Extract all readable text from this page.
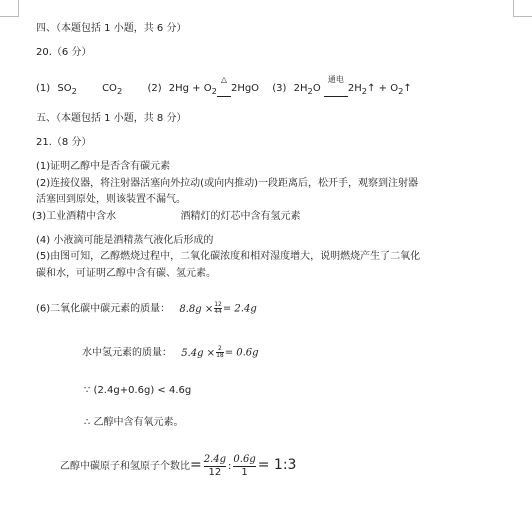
四、（本题包括 1 小题，共 6 分）
20.（6 分）
(1) $SO_2$	$CO_2$	(2) $2Hg + O_2$
△
2HgO (3) $2H_2O$
通电
$2H_2↑$ + $O_2↑$
五、（本题包括 1 小题，共 8 分）
21.（8 分）
(1)证明乙醇中是否含有碳元素
(2)连接仪器，将注射器活塞向外拉动(或向内推动)一段距离后，松开手，观察到注射器
活塞回到原处，则该装置不漏气。
(3)工业酒精中含水	酒精灯的灯芯中含有氢元素
(4) 小液滴可能是酒精蒸气液化后形成的
(5)由图可知，乙醇燃烧过程中，二氧化碳浓度和相对湿度增大，说明燃烧产生了二氧化
碳和水，可证明乙醇中含有碳、氢元素。
(6)二氧化碳中碳元素的质量： $8.8g \times \frac{12}{44} = 2.4g$
水中氢元素的质量： $5.4g \times \frac{2}{18} = 0.6g$
∵ (2.4g+0.6g) < 4.6g
∴ 乙醇中含有氧元素。
乙醇中碳原子和氢原子个数比= $\frac{2.4g}{12}$ : $\frac{0.6g}{1}$ = 1:3
